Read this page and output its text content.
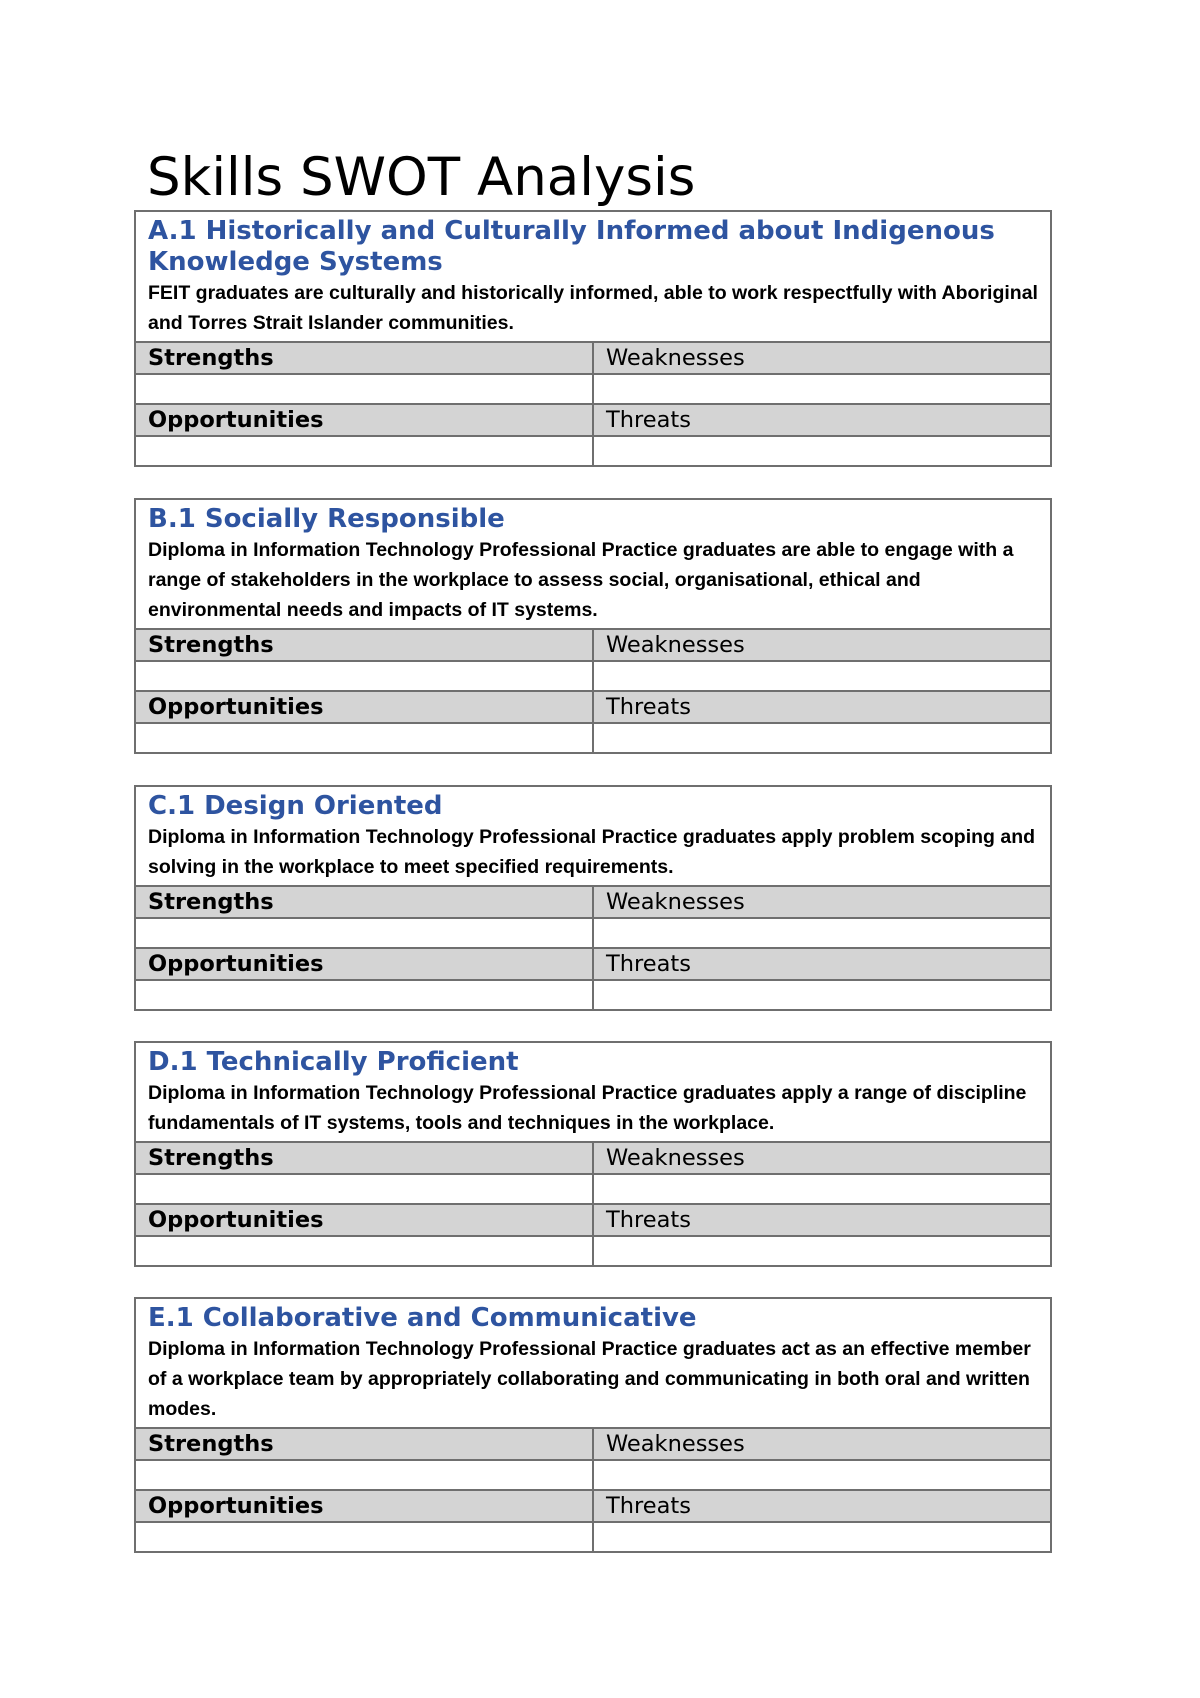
Skills SWOT Analysis
A.1 Historically and Culturally Informed about Indigenous Knowledge Systems
FEIT graduates are culturally and historically informed, able to work respectfully with Aboriginal and Torres Strait Islander communities.	

Strengths	Weaknesses

Opportunities	Threats

B.1 Socially Responsible
Diploma in Information Technology Professional Practice graduates are able to engage with a range of stakeholders in the workplace to assess social, organisational, ethical and environmental needs and impacts of IT systems.	

Strengths	Weaknesses

Opportunities	Threats

C.1 Design Oriented
Diploma in Information Technology Professional Practice graduates apply problem scoping and solving in the workplace to meet specified requirements.	

Strengths	Weaknesses

Opportunities	Threats

D.1 Technically Proficient
Diploma in Information Technology Professional Practice graduates apply a range of discipline fundamentals of IT systems, tools and techniques in the workplace.	

Strengths	Weaknesses

Opportunities	Threats

E.1 Collaborative and Communicative
Diploma in Information Technology Professional Practice graduates act as an effective member of a workplace team by appropriately collaborating and communicating in both oral and written modes.	

Strengths	Weaknesses

Opportunities	Threats
